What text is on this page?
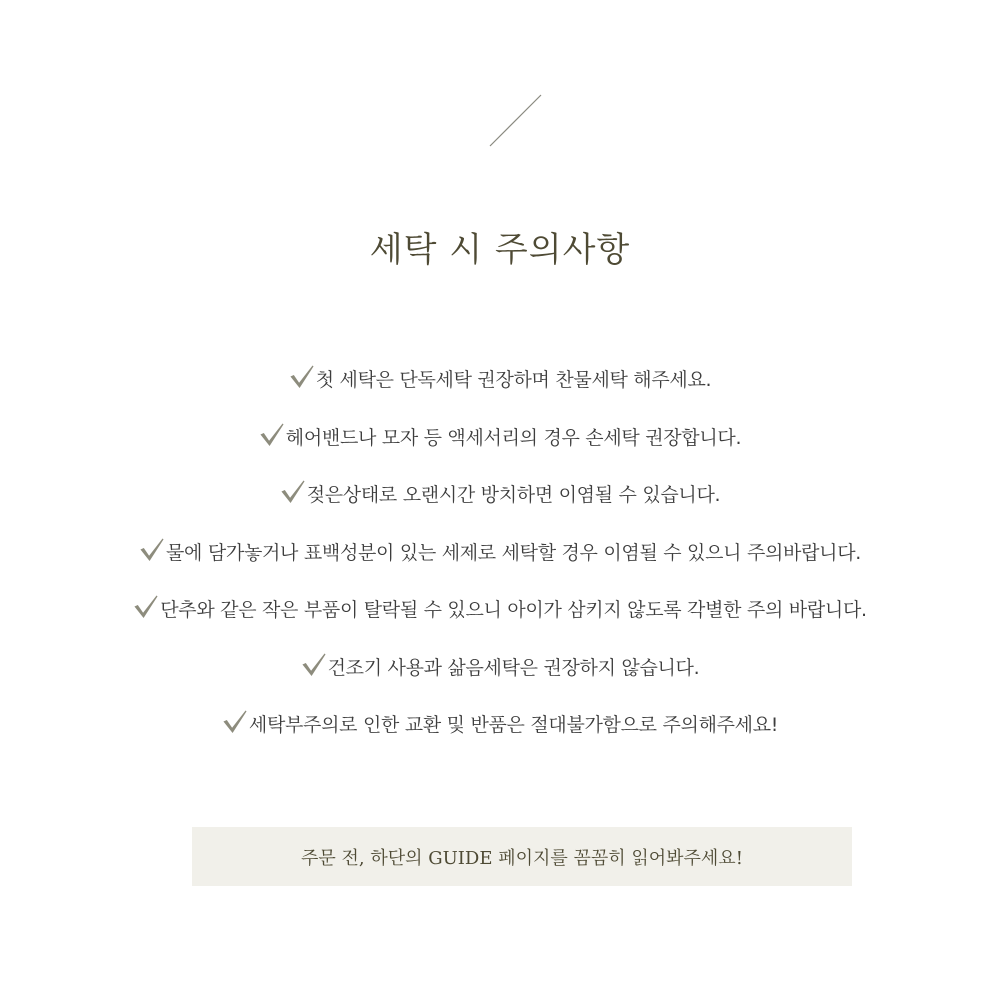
세탁 시 주의사항
첫 세탁은 단독세탁 권장하며 찬물세탁 해주세요.
헤어밴드나 모자 등 액세서리의 경우 손세탁 권장합니다.
젖은상태로 오랜시간 방치하면 이염될 수 있습니다.
물에 담가놓거나 표백성분이 있는 세제로 세탁할 경우 이염될 수 있으니 주의바랍니다.
단추와 같은 작은 부품이 탈락될 수 있으니 아이가 삼키지 않도록 각별한 주의 바랍니다.
건조기 사용과 삶음세탁은 권장하지 않습니다.
세탁부주의로 인한 교환 및 반품은 절대불가함으로 주의해주세요!
주문 전, 하단의 GUIDE 페이지를 꼼꼼히 읽어봐주세요!
